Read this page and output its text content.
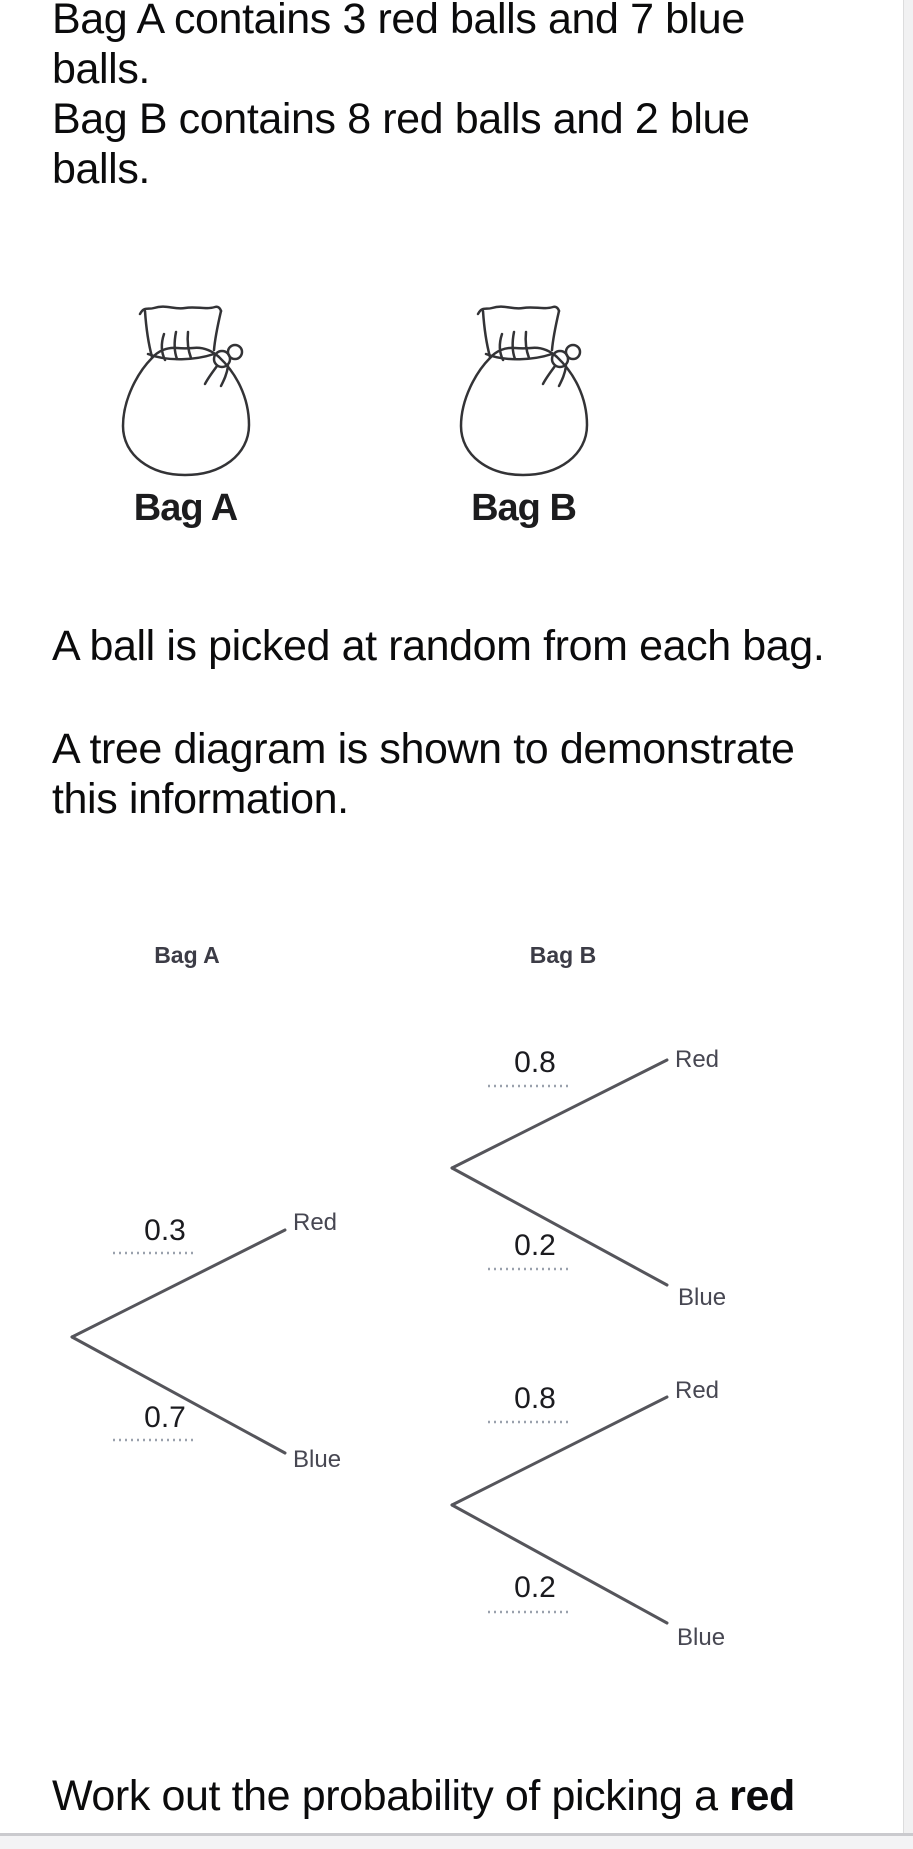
Bag A contains 3 red balls and 7 blue
balls.
Bag B contains 8 red balls and 2 blue
balls.
Bag A	Bag B
A ball is picked at random from each bag.
A tree diagram is shown to demonstrate
this information.
Bag A	Bag B
0.3	Red
0.7
Blue
0.8	Red
0.2
Blue
0.8	Red
0.2
Blue
Work out the probability of picking a red
